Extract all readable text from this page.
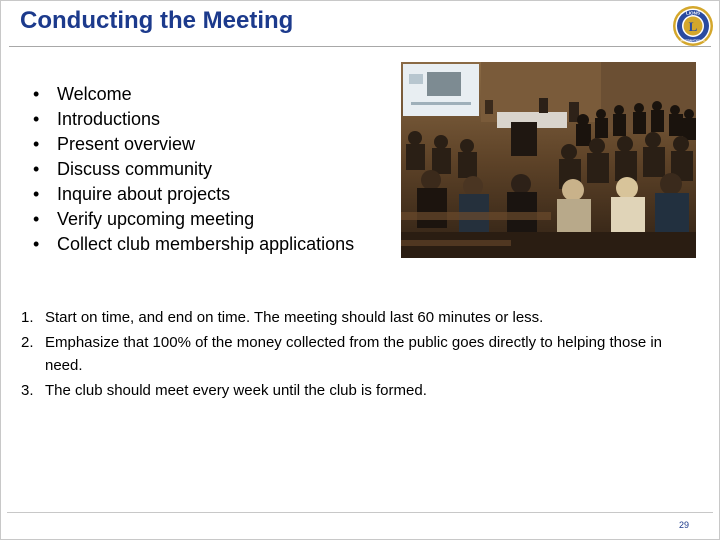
Conducting the Meeting	L
LIONS
INTERNATIONAL
• Welcome
• Introductions
• Present overview
• Discuss community
• Inquire about projects
• Verify upcoming meeting
• Collect club membership applications
1. Start on time, and end on time. The meeting should last 60 minutes or less.
2. Emphasize that 100% of the money collected from the public goes directly to helping those in need.
3. The club should meet every week until the club is formed.
29
